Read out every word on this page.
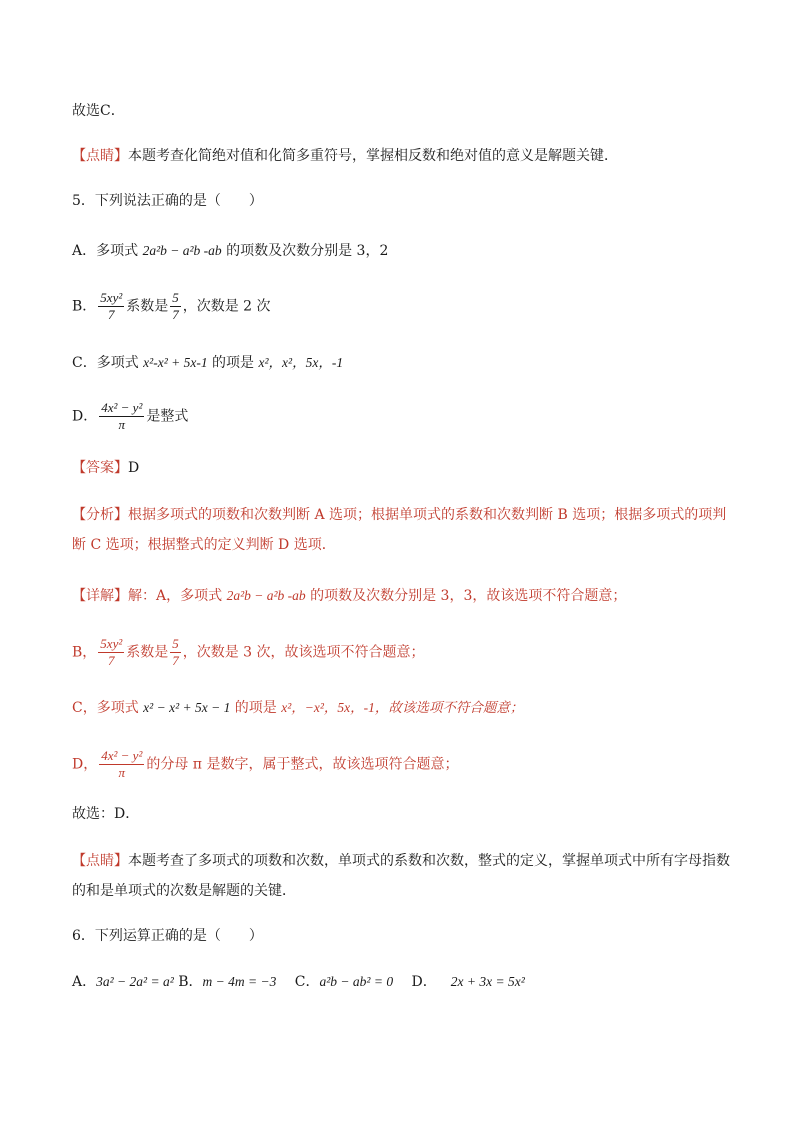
故选C．
【点睛】本题考查化简绝对值和化简多重符号，掌握相反数和绝对值的意义是解题关键．
5．下列说法正确的是（　　）
A．多项式 2a²b − a²b -ab 的项数及次数分别是 3，2
B． $\frac{\text{5xy²}}{7}$ 系数是 $\frac{5}{7}$ ，次数是 2 次
C．多项式 x²-x² + 5x-1 的项是 x²，x²，5x，-1
D． $\frac{\text{4x² − y²}}{\pi}$ 是整式
【答案】D
【分析】根据多项式的项数和次数判断 A 选项；根据单项式的系数和次数判断 B 选项；根据多项式的项判断 C 选项；根据整式的定义判断 D 选项．
【详解】解：A，多项式 2a²b − a²b -ab 的项数及次数分别是 3，3，故该选项不符合题意；
B， $\frac{\text{5xy²}}{7}$ 系数是 $\frac{5}{7}$ ，次数是 3 次，故该选项不符合题意；
C，多项式 x² − x² + 5x − 1 的项是 x²，−x²，5x，-1，故该选项不符合题意；
D， $\frac{\text{4x² − y²}}{\pi}$ 的分母 π 是数字，属于整式，故该选项符合题意；
故选：D．
【点睛】本题考查了多项式的项数和次数，单项式的系数和次数，整式的定义，掌握单项式中所有字母指数的和是单项式的次数是解题的关键．
6．下列运算正确的是（　　）
A．3a² − 2a² = a² B．m − 4m = −3 C．a²b − ab² = 0 D． 2x + 3x = 5x²
